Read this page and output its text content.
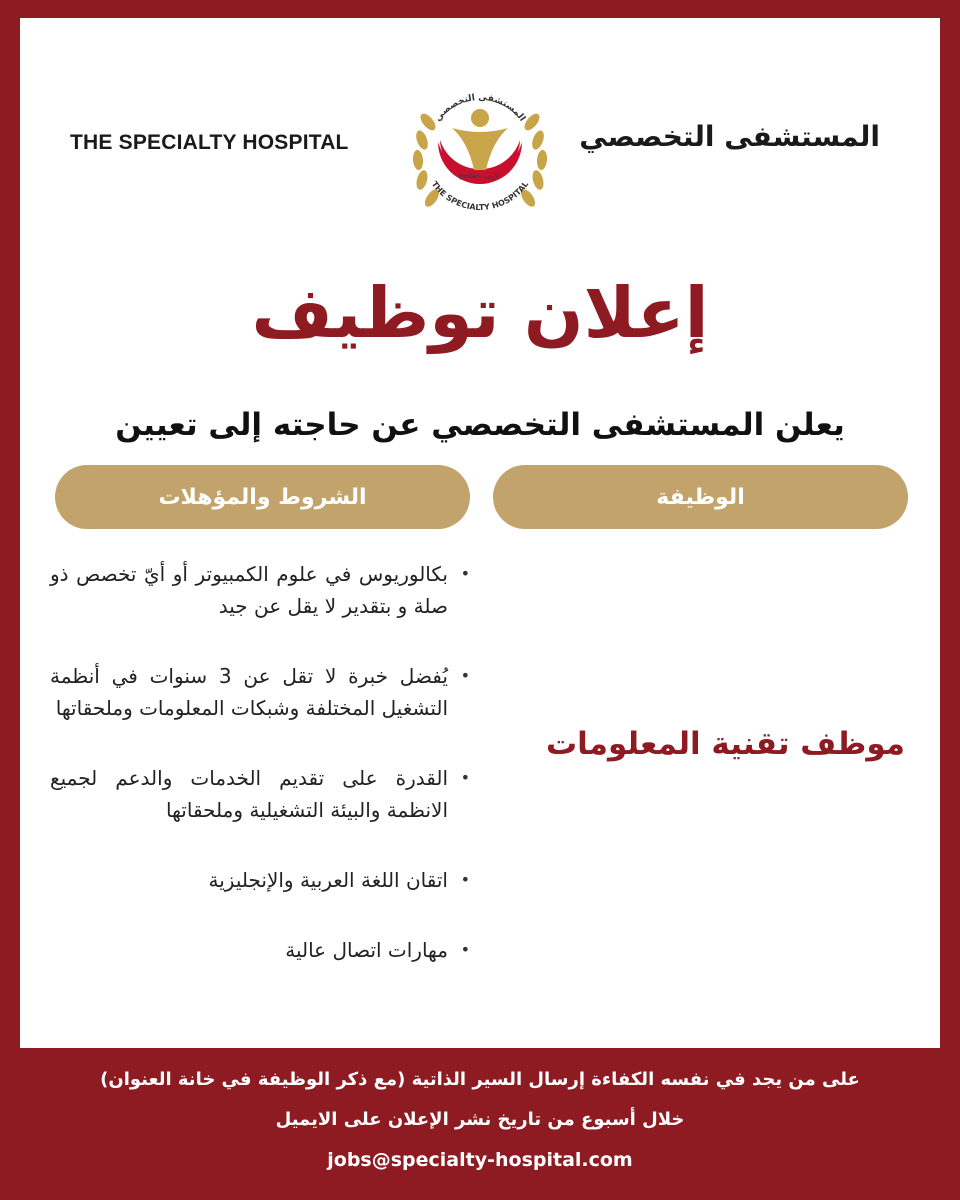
THE SPECIALTY HOSPITAL
المستشفى التخصصي
THE SPECIALTY HOSPITAL
Jordan - الأردن
المستشفى التخصصي
إعلان توظيف
يعلن المستشفى التخصصي عن حاجته إلى تعيين
الوظيفة
الشروط والمؤهلات
موظف تقنية المعلومات
•
بكالوريوس في علوم الكمبيوتر أو أيّ تخصص ذو صلة و بتقدير لا يقل عن جيد
•
يُفضل خبرة لا تقل عن 3 سنوات في أنظمة التشغيل المختلفة وشبكات المعلومات وملحقاتها
•
القدرة على تقديم الخدمات والدعم لجميع الانظمة والبيئة التشغيلية وملحقاتها
•
اتقان اللغة العربية والإنجليزية
•
مهارات اتصال عالية
على من يجد في نفسه الكفاءة إرسال السير الذاتية (مع ذكر الوظيفة في خانة العنوان)
خلال أسبوع من تاريخ نشر الإعلان على الايميل
jobs@specialty-hospital.com
